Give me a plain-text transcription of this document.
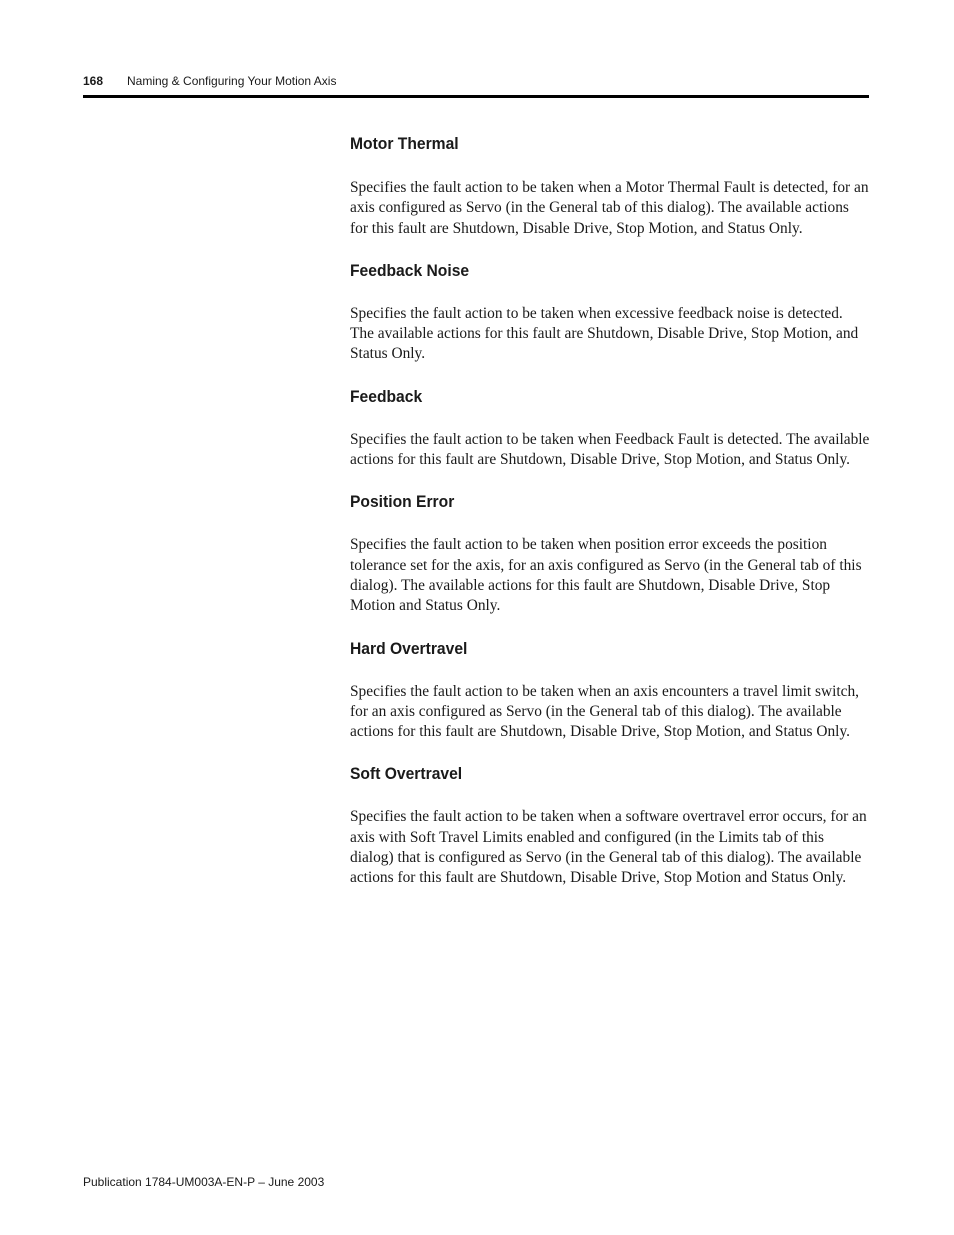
168 Naming & Configuring Your Motion Axis
Motor Thermal

Specifies the fault action to be taken when a Motor Thermal Fault is detected, for an axis configured as Servo (in the General tab of this dialog). The available actions for this fault are Shutdown, Disable Drive, Stop Motion, and Status Only.

Feedback Noise

Specifies the fault action to be taken when excessive feedback noise is detected. The available actions for this fault are Shutdown, Disable Drive, Stop Motion, and Status Only.

Feedback

Specifies the fault action to be taken when Feedback Fault is detected. The available actions for this fault are Shutdown, Disable Drive, Stop Motion, and Status Only.

Position Error

Specifies the fault action to be taken when position error exceeds the position tolerance set for the axis, for an axis configured as Servo (in the General tab of this dialog). The available actions for this fault are Shutdown, Disable Drive, Stop Motion and Status Only.

Hard Overtravel

Specifies the fault action to be taken when an axis encounters a travel limit switch, for an axis configured as Servo (in the General tab of this dialog). The available actions for this fault are Shutdown, Disable Drive, Stop Motion, and Status Only.

Soft Overtravel

Specifies the fault action to be taken when a software overtravel error occurs, for an axis with Soft Travel Limits enabled and configured (in the Limits tab of this dialog) that is configured as Servo (in the General tab of this dialog). The available actions for this fault are Shutdown, Disable Drive, Stop Motion and Status Only.

Publication 1784-UM003A-EN-P – June 2003
